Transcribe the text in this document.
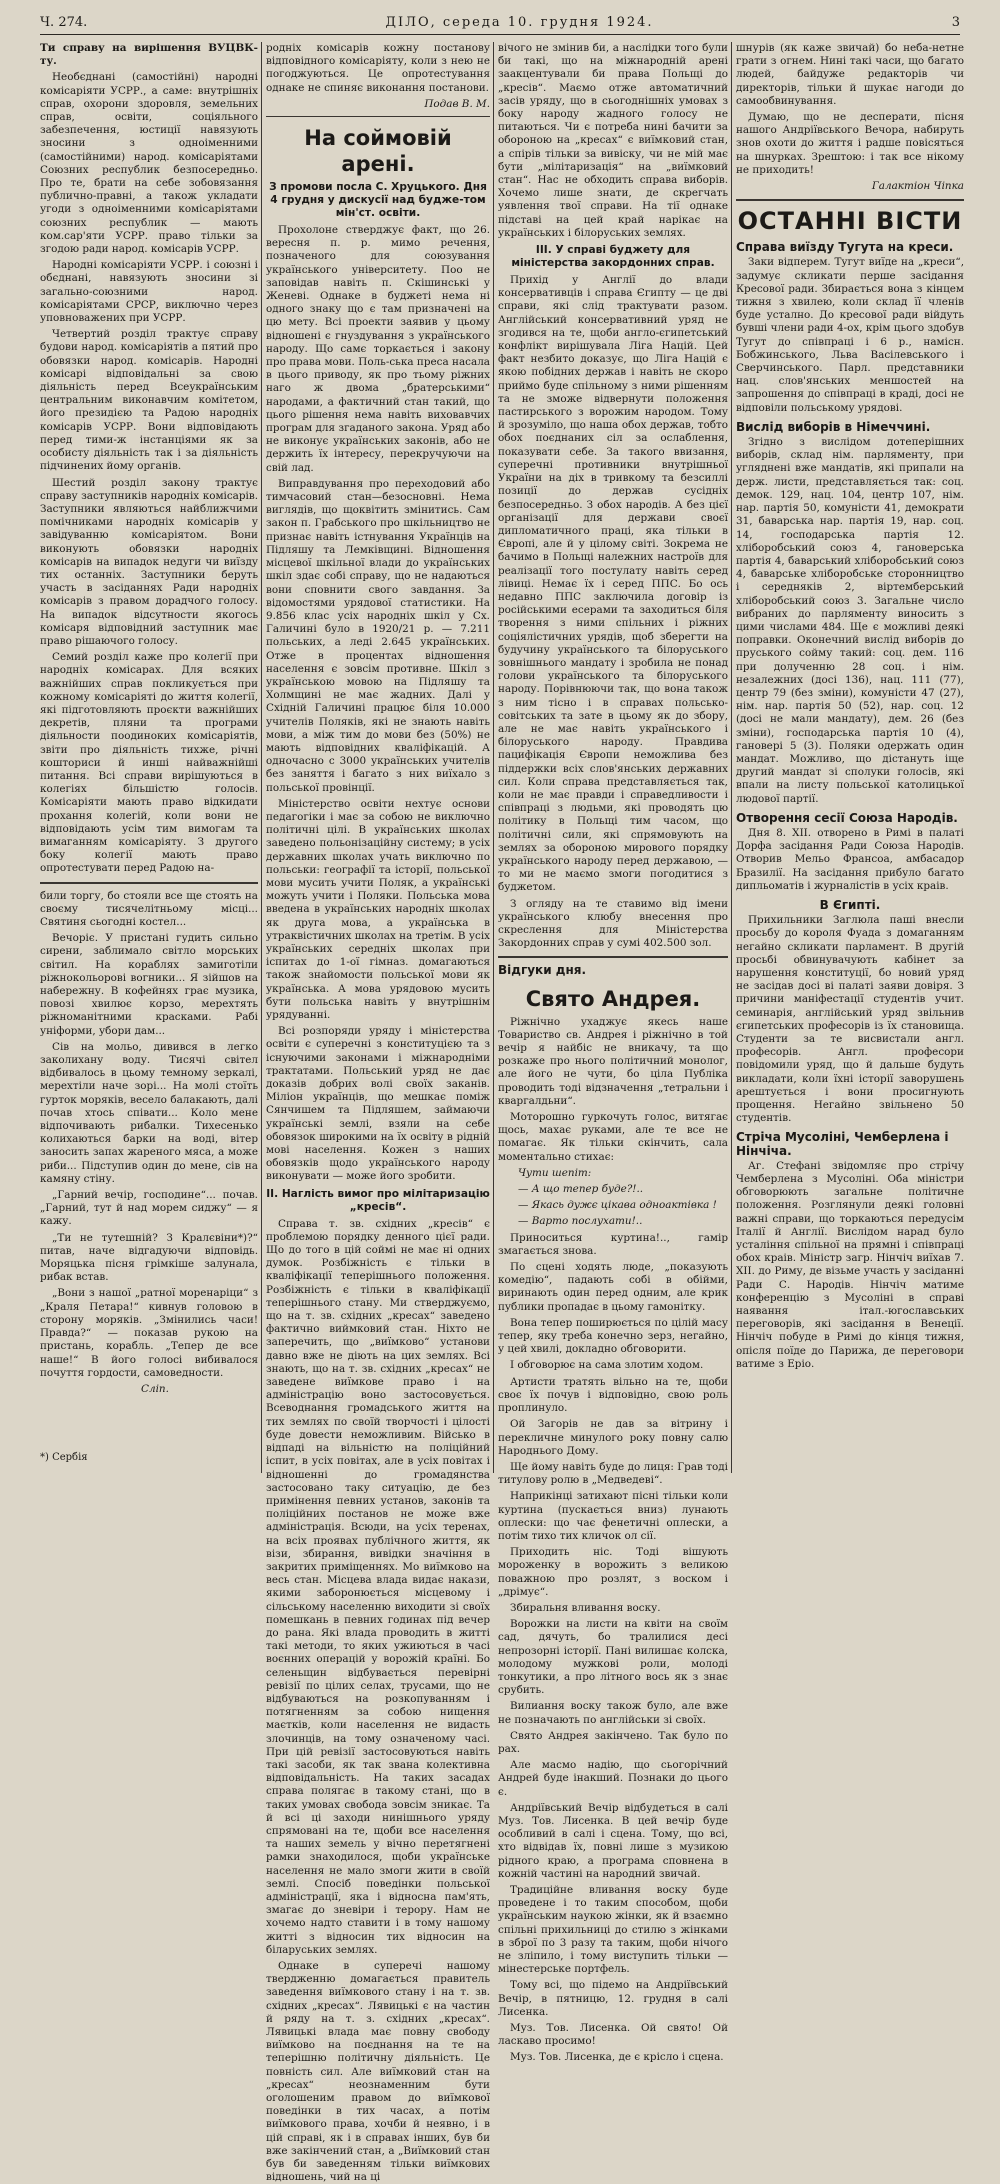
Ч. 274.	ДІЛО, середа 10. грудня 1924.	3

Ти справу на вирішення ВУЦВК-ту.

Необєднані (самостійні) народні комісаріяти УСРР., а саме: внутрішніх справ, охорони здоровля, земельних справ, освіти, соціяльного забезпечення, юстиції навязують зносини з одноіменними (самостійними) народ. комісаріятами Союзних республик безпосередньо. Про те, брати на себе зобовязання публично-правні, а також укладати угоди з одноіменними комісаріятами союзних республик — мають ком.сар'яти УСРР. право тільки за згодою ради народ. комісарів УСРР.

Народні комісаріяти УСРР. і союзні і обєднані, навязують зносини зі загально-союзними народ. комісаріятами СРСР, виключно через уповноважених при УСРР.

Четвертий розділ трактує справу будови народ. комісаріятів а пятий про обовязки народ. комісарів. Народні комісарі відповідальні за свою діяльність перед Всеукраїнським центральним виконавчим комітетом, його президією та Радою народніх комісарів УСРР. Вони відповідають перед тими-ж інстанціями як за особисту діяльність так і за діяльність підчинених йому органів.

Шестий розділ закону трактує справу заступників народніх комісарів. Заступники являються найближчими помічниками народніх комісарів у завідуванню комісаріятом. Вони виконують обовязки народніх комісарів на випадок недуги чи виїзду тих останніх. Заступники беруть участь в засіданнях Ради народніх комісарів з правом дорадчого голосу. На випадок відсутности якогось комісаря відповідний заступник має право рішаючого голосу.

Семий розділ каже про колегії при народніх комісарах. Для всяких важнійших справ покликується при кожному комісаріяті до життя колегії, які підготовляють проєкти важнійших декретів, пляни та програми діяльности поодиноких комісаріятів, звіти про діяльність тихже, річні кошториси й инші найважнійші питання. Всі справи вирішуються в колегіях більшістю голосів. Комісаріяти мають право відкидати прохання колегій, коли вони не відповідають усім тим вимогам та вимаганням комісаріяту. З другого боку колегії мають право опротестувати перед Радою на-

били торгу, бо стояли все ще стоять на своєму тисячелітньому місці... Святиня сьогодні костел...

Вечоріє. У пристані гудить сильно сирени, заблимало світло морських світил. На кораблях замиготіли ріжнокольорові вогники... Я зійшов на набережну. В кофейнях грає музика, повозі хвилює корзо, мерехтять ріжноманітними красками. Рабі уніформи, убори дам...

Сів на мольо, дивився в легко заколихану воду. Тисячі світел відбивалось в цьому темному зеркалі, мерехтіли наче зорі... На молі стоїть гурток моряків, весело балакають, далі почав хтось співати... Коло мене відпочивають рибалки. Тихесенько колихаються барки на воді, вітер заносить запах жареного мяса, а може риби... Підступив один до мене, сів на камяну стіну.

„Гарний вечір, господине“... почав. „Гарний, тут й над морем сиджу“ — я кажу.

„Ти не тутешній? З Кралєвіни*)?“ питав, наче відгадуючи відповідь. Моряцька пісня грімкіше залунала, рибак встав.

„Вони з нашої „ратної моренаріци“ з „Краля Петара!“ кивнув головою в сторону моряків. „Змінились часи! Правда?“ — показав рукою на пристань, корабль. „Тепер де все наше!“ В його голосі вибивалося почуття гордости, самоведности.

Сліп.

родніх комісарів кожну постанову відповідного комісаріяту, коли з нею не погоджуються. Це опротестування однаке не спиняє виконання постанови.

Подав В. М.

На соймовій арені.
З промови посла С. Хруцького. Дня 4 грудня у дискусії над будже-том мін'ст. освіти.

Прохолоне стверджує факт, що 26. вересня п. р. мимо речення, позначеного для союзування українського університету. Поо не заповідав навіть п. Скішинські у Женеві. Однаке в буджеті нема ні одного знаку що є там призначені на цю мету. Всі проекти заявив у цьому відношені є гнуздування з українського народу. Що самє торкається і закону про права мови. Поль-ська преса насала в цього приводу, як про тьому ріжних наго ж двома „братерськими“ народами, а фактичний стан такий, що цього рішення нема навіть виховавчих програм для згаданого закона. Уряд або не виконує українських законів, або не держить їх інтересу, перекручуючи на свій лад.

Виправдування про переходовий або тимчасовий стан—безосновні. Нема виглядів, що щоквітить змінитись. Сам закон п. Грабського про шкільництво не признає навіть істнування Українців на Підляшу та Лемківщині. Відношення місцевої шкільної влади до українських шкіл здає собі справу, що не надаються вони сповнити свого завдання. За відомостями урядової статистики. На 9.856 клас усіх народніх шкіл у Сх. Галичині було в 1920/21 р. — 7.211 польських, а леді 2.645 українських. Отже в процентах відношення населення є зовсім противне. Шкіл з українською мовою на Підляшу та Холмщині не має жадних. Далі у Східній Галичині працює біля 10.000 учителів Поляків, які не знають навіть мови, а між тим до мови без (50%) не мають відповідних кваліфікацій. А одночасно с 3000 українських учителів без заняття і багато з них виїхало з польської провінції.

Міністерство освіти нехтує основи педагогіки і має за собою не виключно політичні цілі. В українських школах заведено польонізаційну систему; в усіх державних школах учать виключно по польськи: географії та історії, польської мови мусить учити Поляк, а українські можуть учити і Поляки. Польська мова введена в українських народніх школах як друга мова, а українська в утраквістичних школах на третім. В усіх українських середніх школах при іспитах до 1-ої гімназ. домагаються також знайомости польської мови як українська. А мова урядовою мусить бути польська навіть у внутрішнім урядуванні.

Всі розпоряди уряду і міністерства освіти є суперечні з конституцією та з існуючими законами і міжнародніми трактатами. Польський уряд не дає доказів добрих волі своїх заканів. Міліон українців, що мешкає поміж Сянчишем та Підляшем, займаючи українські землі, взяли на себе обовязок широкими на їх освіту в рідній мові населення. Кожен з наших обовязків щодо українського народу виконувати — може його зробити.

II. Наглість вимог про мілітаризацію „кресів“.

Справа т. зв. східних „кресів“ є проблемою порядку денного цієї ради. Що до того в цій соймі не має ні одних думок. Розбіжність є тільки в кваліфікації теперішнього положення. Розбіжність є тільки в кваліфікації теперішнього стану. Ми стверджуємо, що на т. зв. східних „кресах“ заведено фактично виймковий стан. Ніхто не заперечить, що „виїмково“ установи давно вже не діють на цих землях. Всі знають, що на т. зв. східних „кресах“ не заведене виїмкове право і на адміністрацію воно застосовується. Всеводнання громадського життя на тих землях по своїй творчості і цілості буде довести неможливим. Військо в відпаді на вільністю на поліційний іспит, в усіх повітах, але в усіх повітах і відношенні до громадянства застосовано таку ситуацію, де без примінення певних установ, законів та поліційних постанов не може вже адміністрація. Всюди, на усіх теренах, на всіх проявах публічного життя, як візи, збирання, вивідки значіння в закритих приміщеннях. Мо виїмково на весь стан. Місцева влада видає накази, якими заборонюється місцевому і сільському населенню виходити зі своїх помешкань в певних годинах під вечер до рана. Які влада проводить в житті такі методи, то яких ужиються в часі воєнних операцій у ворожій країні. Бо селеньщин відбувається перевірні ревізії по цілих селах, трусами, що не відбуваються на розкопуванням і потягненням за собою нищення маєтків, коли населення не видасть злочинців, на тому означеному часі. При цій ревізії застосовуються навіть такі засоби, як так звана колективна відповідальність. На таких засадах справа полягає в такому стані, що в таких умовах свобода зовсім зникає. Та й всі ці заходи нинішнього уряду спрямовані на те, щоби все населення та наших земель у вічно перетягнені рамки знаходилося, щоби українське населення не мало змоги жити в своїй землі. Спосіб поведінки польської адміністрації, яка і відносна пам'ять, змагає до зневіри і терору. Нам не хочемо надто ставити і в тому нашому житті з відносин тих відносин на біларуських землях.

Однаке в суперечі нашому твердженню домагається правитель заведення виїмкового стану і на т. зв. східних „кресах“. Лявицькі є на частин й ряду на т. з. східних „кресах“. Лявицькі влада має повну свободу виїмково на поєднання на те на теперішню політичну діяльність. Це повність сил. Але виїмковий стан на „кресах“ неознаменним бути оголошеним правом до виїмкової поведінки в тих часах, а потім виїмкового права, хочби й неявно, і в цій справі, як і в справах інших, був би вже закінчений стан, а „Виїмковий стан був би заведенням тільки виїмкових відношень, чий на ці

вічого не змінив би, а наслідки того були би такі, що на міжнародній арені заакцентували би права Польщі до „кресів“. Маємо отже автоматичний засів уряду, що в сьогоднішніх умовах з боку народу жадного голосу не питаються. Чи є потреба нині бачити за обороною на „кресах“ є виїмковий стан, а спірів тільки за вивіску, чи не мій має бути „мілітаризація“ на „виїмковий стан“. Нас не обходить справа виборів. Хочемо лише знати, де скрегчать уявлення твої справи. На тії однаке підставі на цей край нарікає на українських і білоруських землях.

III. У справі буджету для міністерства закордонних справ.

Прихід у Англії до влади консервативців і справа Єгипту — це дві справи, які слід трактувати разом. Англійський консервативний уряд не згодився на те, щоби англо-єгипетський конфлікт вирішувала Ліга Націй. Цей факт незбито доказує, що Ліга Націй є якою побідних держав і навіть не скоро приймо буде спільному з ними рішенням та не зможе відвернути положення пастирського з ворожим народом. Тому й зрозуміло, що наша обох держав, тобто обох поєднаних сіл за ослаблення, показувати себе. За такого ввизання, суперечні противники внутрішньої України на діх в тривкому та безсиллі позиції до держав сусідніх безпосередньо. З обох народів. А без цієї організації для держави своєї дипломатичного праці, яка тільки в Європі, але й у цілому світі. Зокрема не бачимо в Польщі належних настроїв для реалізації того постулату навіть серед лівиці. Немає їх і серед ППС. Бо ось недавно ППС заключила договір із російськими есерами та заходиться біля творення з ними спільних і ріжних соціялістичних урядів, щоб зберегти на будучину українського та білоруського зовнішнього мандату і зробила не понад голови українського та білоруського народу. Порівнюючи так, що вона також з ним тісно і в справах польсько-совітських та зате в цьому як до збору, але не має навіть українського і білоруського народу. Правдива пацифікація Європи неможлива без піддержки всіх слов'янських державних сил. Коли справа представляється так, коли не має правди і справедливости і співпраці з людьми, які проводять цю політику в Польщі тим часом, що політичні сили, які спрямовують на землях за обороною мирового порядку українського народу перед державою, — то ми не маємо змоги погодитися з буджетом.

З огляду на те ставимо від імени українського клюбу внесення про скреслення для Міністерства Закордонних справ у сумі 402.500 зол.

Відгуки дня.
Свято Андрея.

Ріжнічно ухаджує якесь наше Товариство св. Андрея і ріжнічно в той вечір я найбіс не вникачу, та що розкаже про нього політичний монолог, але його не чути, бо ціла Публіка проводить тоді відзначення „тетральни і кваргалдьни“.

Моторошно гуркочуть голос, витягає щось, махає руками, але те все не помагає. Як тільки скінчить, сала моментально стихає:

Чути шепіт:

— А що тепер буде?!..

— Якась дужє цікава одноактівка !

— Варто послухати!..

Приноситься куртина!.., гамір змагається знова.

По сцені ходять люде, „показують комедію“, падають собі в обійми, виринають один перед одним, але крик публики пропадає в цьому гамонітку.

Вона тепер поширюється по цілій масу тепер, яку треба конечно зерз, негайно, у цей хвилі, докладно обговорити.

І обговорює на сама злотим ходом.

Артисти тратять вільно на те, щоби своє їх почув і відповідно, свою роль проплинуло.

Ой Загорів не дав за вітрину і перекличне минулого року повну салю Народнього Дому.

Ще йому навіть буде до лиця: Грав тоді титулову ролю в „Медведеві“.

Наприкінці затихают пісні тільки коли куртина (пускається вниз) лунають оплески: що чає фенетичні оплески, а потім тихо тих кличок ол сії.

Приходить ніс. Тоді вішують мороженку в ворожить з великою поважною про розлят, з воском і „дрімує“.

Збиральня вливання воску.

Ворожки на листи на квіти на своїм сад, дячуть, бо тралилися десі непрозорні історії. Пані вилишає колска, молодому мужкові роли, молоді тонкутики, а про літного вось як з знає срубить.

Вилиання воску також було, але вже не позначають по англійськи зі своїх.

Свято Андрея закінчено. Так було по рах.

Але масмо надію, що сьогорічний Андрей буде інакший. Познаки до цього є.

Андріївський Вечір відбудеться в салі Муз. Тов. Лисенка. В цей вечір буде особливий в салі і сцена. Тому, що всі, хто відвідав їх, повні лише з музикою рідного краю, а програма сповнена в кожній частині на народний звичай.

Традиційне вливання воску буде проведене і то таким способом, щоби українським наукою жінки, як й взаємно спільні прихильниці до стилю з жінками в зброї по 3 разу та таким, щоби нічого не зліпило, і тому виступить тільки — мінестерське портфель.

Тому всі, що підемо на Андріївський Вечір, в пятницю, 12. грудня в салі Лисенка.

Муз. Тов. Лисенка. Ой свято! Ой ласкаво просимо!

Муз. Тов. Лисенка, де є крісло і сцена.

шнурів (як каже звичай) бо неба-нетне грати з огнем. Нині такі часи, що багато людей, байдуже редакторів чи директорів, тільки й шукає нагоди до самообвинування.

Думаю, що не десперати, пісня нашого Андріївського Вечора, набируть знов охоти до життя і радше повісяться на шнурках. Зрештою: і так все нікому не приходить!

Галактіон Чіпка

ОСТАННІ ВІСТИ
Справа виїзду Тугута на креси.

Заки відперем. Тугут виїде на „креси“, задумує скликати перше засідання Кресової ради. Збирається вона з кінцем тижня з хвилею, коли склад її членів буде устално. До кресової ради війдуть бувші члени ради 4-ох, крім цього здобув Тугут до співпраці і 6 р., намісн. Бобжинського, Льва Васілевського і Сверчинського. Парл. представники нац. слов'янських меншостей на запрошення до співпраці в краді, досі не відповіли польському урядові.

Вислід виборів в Німеччині.

Згідно з вислідом дотеперішних виборів, склад нім. парляменту, при угляднені вже мандатів, які припали на держ. листи, представляється так: соц. демок. 129, нац. 104, центр 107, нім. нар. партія 50, комуністи 41, демократи 31, баварська нар. партія 19, нар. соц. 14, господарська партія 12. хліборобський союз 4, гановерська партія 4, баварський хліборобський союз 4, баварське хліборобське сторонництво і середняків 2, віртемберський хліборобський союз 3. Загальне число вибраних до парляменту виносить з цими числами 484. Ще є можливі деякі поправки. Оконечний вислід виборів до пруського сойму такий: соц. дем. 116 при долученню 28 соц. і нім. незалежних (досі 136), нац. 111 (77), центр 79 (без зміни), комуністи 47 (27), нім. нар. партія 50 (52), нар. соц. 12 (досі не мали мандату), дем. 26 (без зміни), господарська партія 10 (4), гановері 5 (3). Поляки одержать один мандат. Можливо, що дістануть іще другий мандат зі сполуки голосів, які впали на листу польської католицької людової партії.

Отворення сесії Союза Народів.

Дня 8. XII. отворено в Римі в палаті Дорфа засідання Ради Союза Народів. Отворив Мельо Франсоа, амбасадор Бразилії. На засідання прибуло багато дипльоматів і журналістів в усіх краів.

В Єгипті.

Прихильники Заглюла паші внесли просьбу до короля Фуада з домаганням негайно скликати парламент. В другій просьбі обвинувачують кабінет за нарушення конституції, бо новий уряд не засідав досі ві палаті заяви довіря. З причини маніфестації студентів учит. семинарія, англійський уряд звільнив єгипетських професорів із їх становища. Студенти за те висвистали англ. професорів. Англ. професори повідомили уряд, що й дальше будуть викладати, коли їхні історії заворушень арештується і вони просигнують прощення. Негайно звільнено 50 студентів.

Стріча Мусоліні, Чемберлена і Нінчіча.

Аг. Стефані звідомляє про стрічу Чемберлена з Мусоліні. Оба міністри обговорюють загальне політичне положення. Розглянули деякі головні важні справи, що торкаються передусім Італії й Англії. Вислідом нарад було устаління спільної на прямні і співпраці обох краів. Міністр загр. Нінчіч виїхав 7. XII. до Риму, де візьме участь у засіданні Ради С. Народів. Нінчіч матиме конференцію з Мусоліні в справі наявання італ.-югославських переговорів, які засідання в Венеції. Нінчіч побуде в Римі до кінця тижня, опісля поїде до Парижа, де переговори ватиме з Еріо.

*) Сербія
